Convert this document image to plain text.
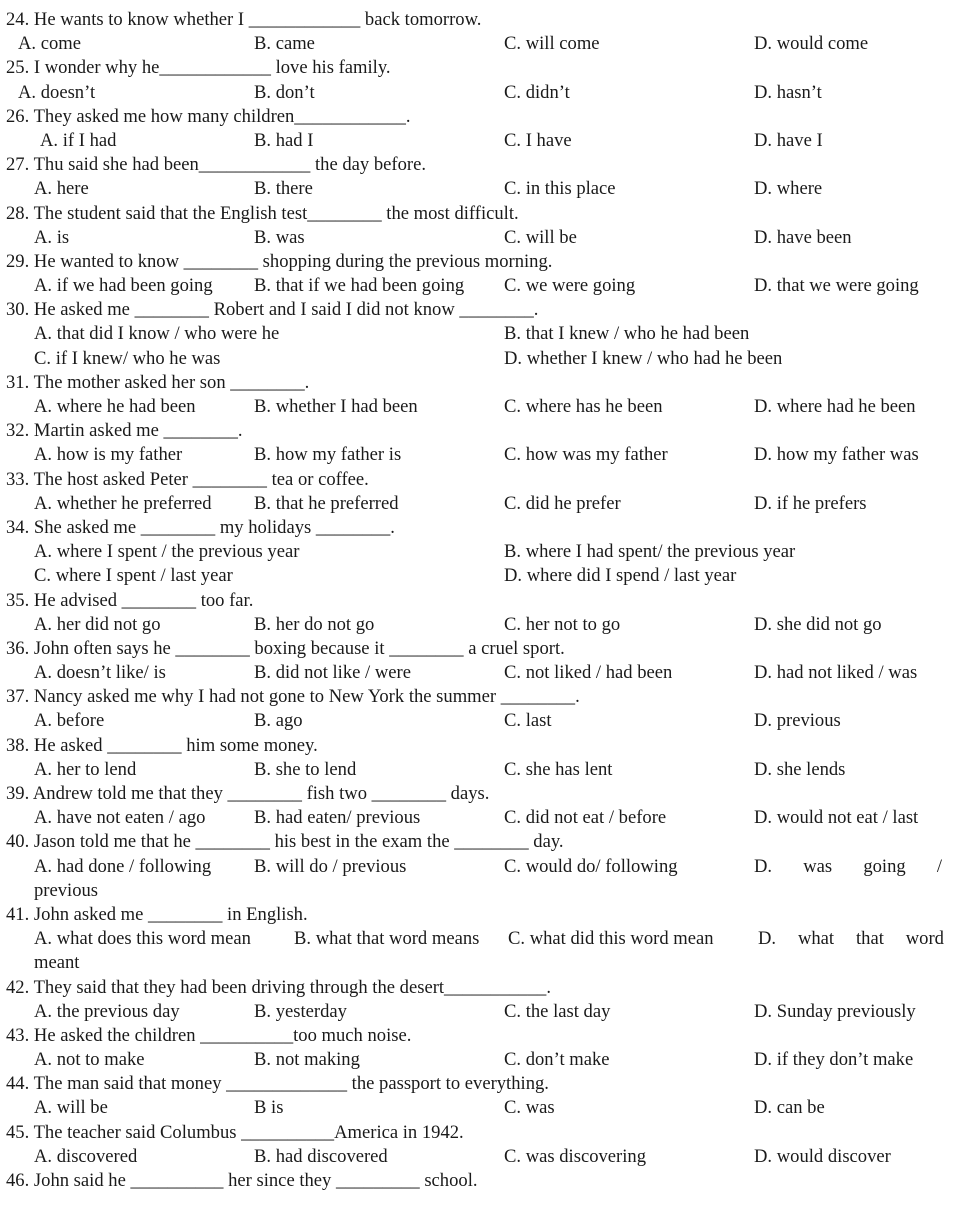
24. He wants to know whether I ____________ back tomorrow.
A. come	B. came	C. will come	D. would come
25. I wonder why he____________ love his family.
A. doesn’t	B. don’t	C. didn’t	D. hasn’t
26. They asked me how many children____________.
A. if I had	B. had I	C. I have	D. have I
27. Thu said she had been____________ the day before.
A. here	B. there	C. in this place	D. where
28. The student said that the English test________ the most difficult.
A. is	B. was	C. will be	D. have been
29. He wanted to know ________ shopping during the previous morning.
A. if we had been going B. that if we had been going C. we were going	D. that we were going
30. He asked me ________ Robert and I said I did not know ________.
A. that did I know / who were he	B. that I knew / who he had been
C. if I knew/ who he was	D. whether I knew / who had he been
31. The mother asked her son ________.
A. where he had been	B. whether I had been	C. where has he been	D. where had he been
32. Martin asked me ________.
A. how is my father	B. how my father is	C. how was my father	D. how my father was
33. The host asked Peter ________ tea or coffee.
A. whether he preferred B. that he preferred	C. did he prefer	D. if he prefers
34. She asked me ________ my holidays ________.
A. where I spent / the previous year	B. where I had spent/ the previous year
C. where I spent / last year	D. where did I spend / last year
35. He advised ________ too far.
A. her did not go	B. her do not go	C. her not to go	D. she did not go
36. John often says he ________ boxing because it ________ a cruel sport.
A. doesn’t like/ is	B. did not like / were	C. not liked / had been	D. had not liked / was
37. Nancy asked me why I had not gone to New York the summer ________.
A. before	B. ago	C. last	D. previous
38. He asked ________ him some money.
A. her to lend	B. she to lend	C. she has lent	D. she lends
39. Andrew told me that they ________ fish two ________ days.
A. have not eaten / ago	B. had eaten/ previous	C. did not eat / before	D. would not eat / last
40. Jason told me that he ________ his best in the exam the ________ day.
A. had done / following B. will do / previous	C. would do/ following	D. was going /
previous
41. John asked me ________ in English.
A. what does this word mean B. what that word means C. what did this word mean D. what that word
meant
42. They said that they had been driving through the desert___________.
A. the previous day	B. yesterday	C. the last day	D. Sunday previously
43. He asked the children __________too much noise.
A. not to make	B. not making	C. don’t make	D. if they don’t make
44. The man said that money _____________ the passport to everything.
A. will be	B is	C. was	D. can be
45. The teacher said Columbus __________America in 1942.
A. discovered	B. had discovered	C. was discovering	D. would discover
46. John said he __________ her since they _________ school.
